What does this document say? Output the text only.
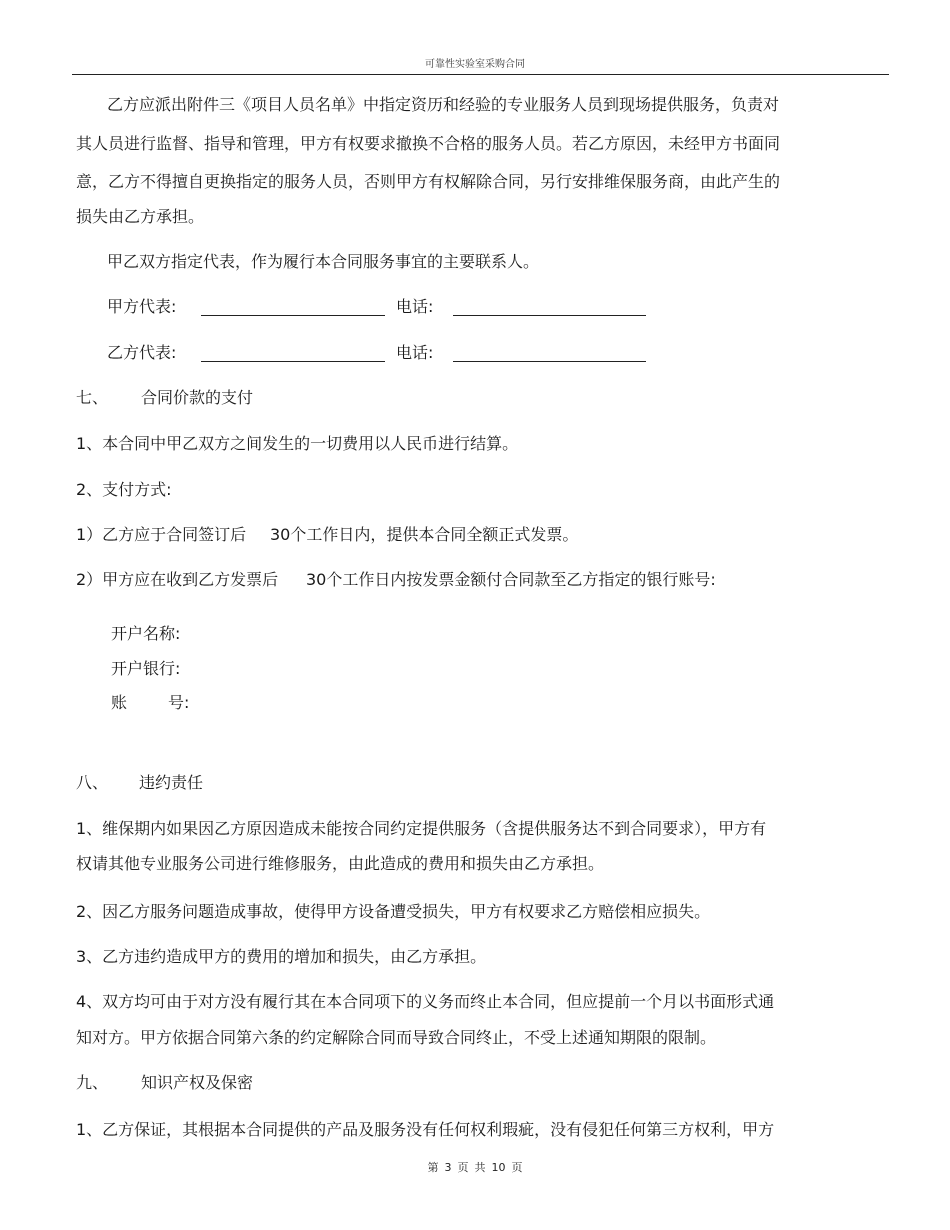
可靠性实验室采购合同
乙方应派出附件三《项目人员名单》中指定资历和经验的专业服务人员到现场提供服务，负责对
其人员进行监督、指导和管理，甲方有权要求撤换不合格的服务人员。若乙方原因，未经甲方书面同
意，乙方不得擅自更换指定的服务人员，否则甲方有权解除合同，另行安排维保服务商，由此产生的
损失由乙方承担。
甲乙双方指定代表，作为履行本合同服务事宜的主要联系人。
甲方代表:	电话:
乙方代表:	电话:
七、 合同价款的支付
1、本合同中甲乙双方之间发生的一切费用以人民币进行结算。
2、支付方式:
1）乙方应于合同签订后 30个工作日内，提供本合同全额正式发票。
2）甲方应在收到乙方发票后 30个工作日内按发票金额付合同款至乙方指定的银行账号:
开户名称:
开户银行:
账	号:
八、 违约责任
1、维保期内如果因乙方原因造成未能按合同约定提供服务（含提供服务达不到合同要求），甲方有
权请其他专业服务公司进行维修服务，由此造成的费用和损失由乙方承担。
2、因乙方服务问题造成事故，使得甲方设备遭受损失，甲方有权要求乙方赔偿相应损失。
3、乙方违约造成甲方的费用的增加和损失，由乙方承担。
4、双方均可由于对方没有履行其在本合同项下的义务而终止本合同，但应提前一个月以书面形式通
知对方。甲方依据合同第六条的约定解除合同而导致合同终止，不受上述通知期限的限制。
九、 知识产权及保密
1、乙方保证，其根据本合同提供的产品及服务没有任何权利瑕疵，没有侵犯任何第三方权利，甲方
第 3 页 共 10 页
